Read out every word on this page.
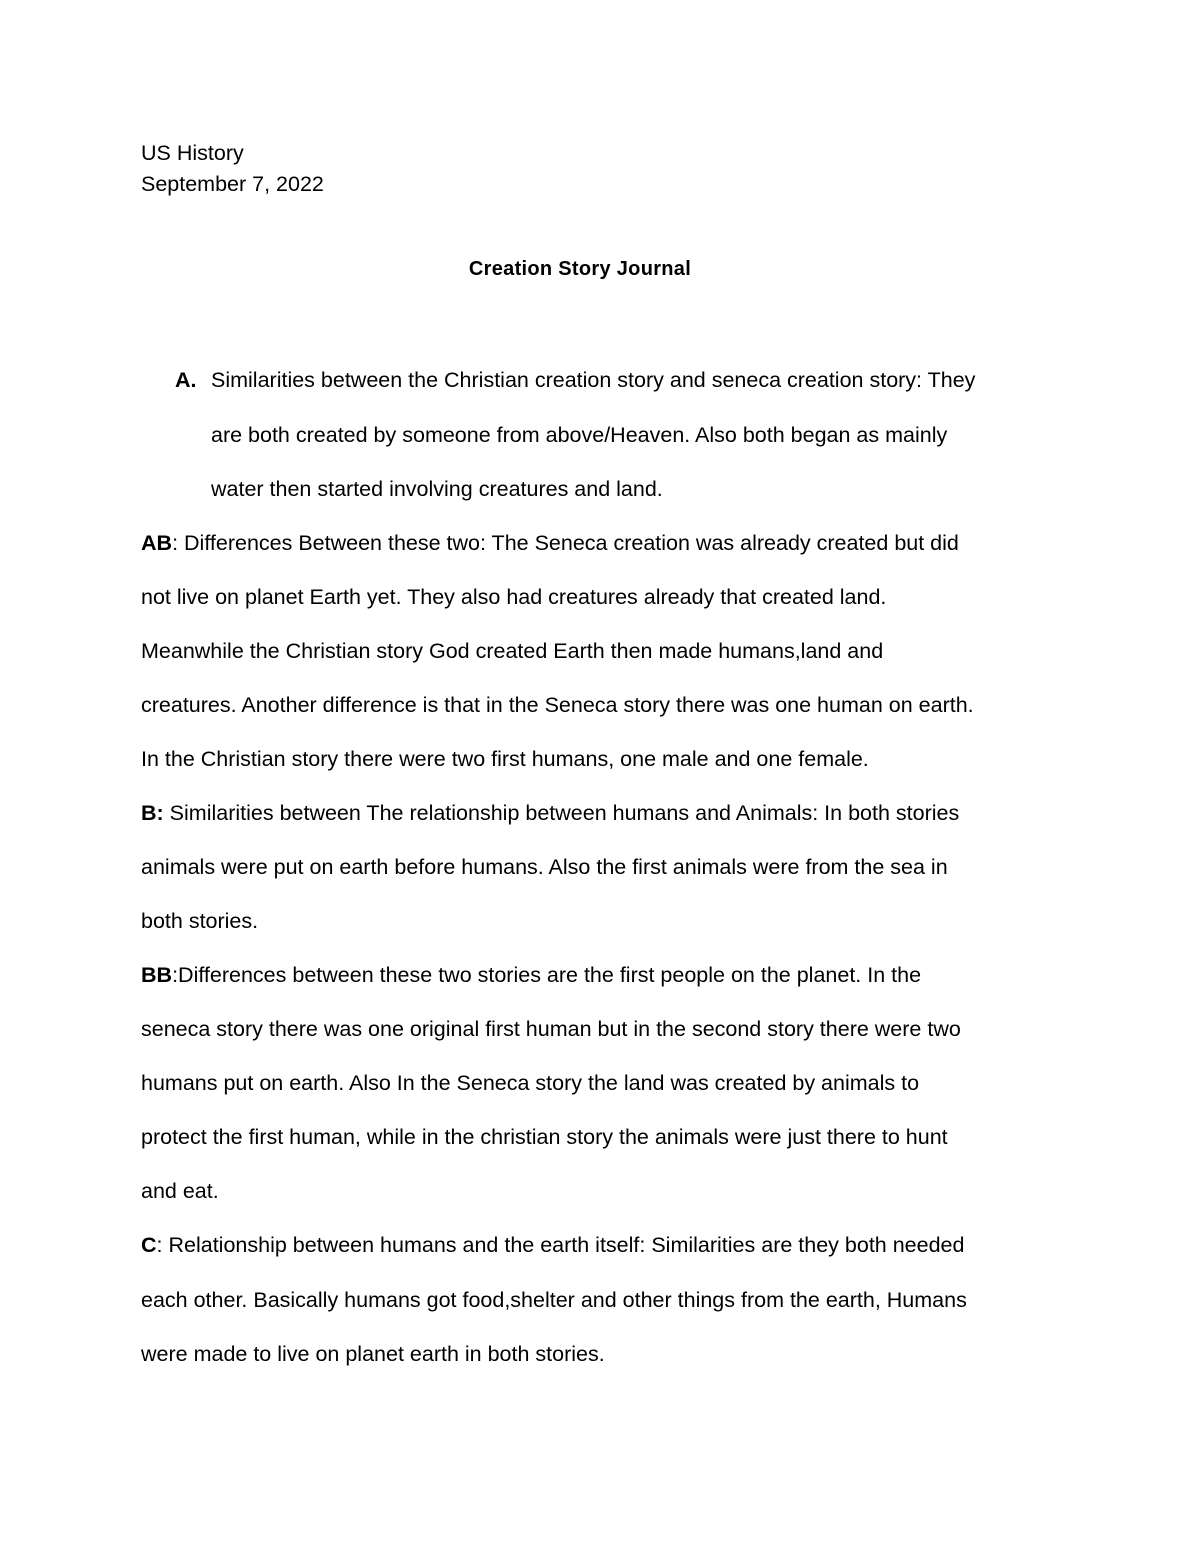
US History
September 7, 2022
Creation Story Journal
A. Similarities between the Christian creation story and seneca creation story: They
are both created by someone from above/Heaven. Also both began as mainly
water then started involving creatures and land.
AB: Differences Between these two: The Seneca creation was already created but did
not live on planet Earth yet. They also had creatures already that created land.
Meanwhile the Christian story God created Earth then made humans,land and
creatures. Another difference is that in the Seneca story there was one human on earth.
In the Christian story there were two first humans, one male and one female.
B: Similarities between The relationship between humans and Animals: In both stories
animals were put on earth before humans. Also the first animals were from the sea in
both stories.
BB:Differences between these two stories are the first people on the planet. In the
seneca story there was one original first human but in the second story there were two
humans put on earth. Also In the Seneca story the land was created by animals to
protect the first human, while in the christian story the animals were just there to hunt
and eat.
C: Relationship between humans and the earth itself: Similarities are they both needed
each other. Basically humans got food,shelter and other things from the earth, Humans
were made to live on planet earth in both stories.
